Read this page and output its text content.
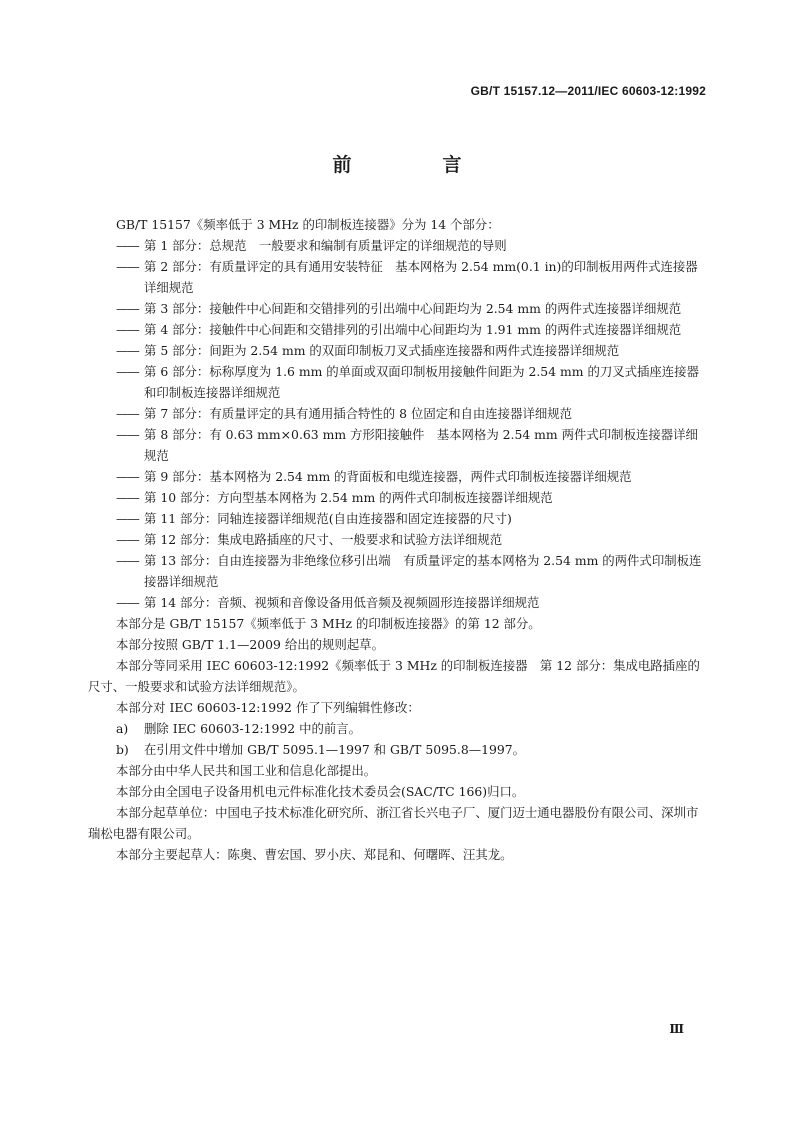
GB/T 15157.12—2011/IEC 60603-12:1992
前　言
GB/T 15157《频率低于 3 MHz 的印制板连接器》分为 14 个部分：
—— 第 1 部分：总规范　一般要求和编制有质量评定的详细规范的导则
—— 第 2 部分：有质量评定的具有通用安装特征　基本网格为 2.54 mm(0.1 in)的印制板用两件式连接器详细规范
—— 第 3 部分：接触件中心间距和交错排列的引出端中心间距均为 2.54 mm 的两件式连接器详细规范
—— 第 4 部分：接触件中心间距和交错排列的引出端中心间距均为 1.91 mm 的两件式连接器详细规范
—— 第 5 部分：间距为 2.54 mm 的双面印制板刀叉式插座连接器和两件式连接器详细规范
—— 第 6 部分：标称厚度为 1.6 mm 的单面或双面印制板用接触件间距为 2.54 mm 的刀叉式插座连接器和印制板连接器详细规范
—— 第 7 部分：有质量评定的具有通用插合特性的 8 位固定和自由连接器详细规范
—— 第 8 部分：有 0.63 mm×0.63 mm 方形阳接触件　基本网格为 2.54 mm 两件式印制板连接器详细规范
—— 第 9 部分：基本网格为 2.54 mm 的背面板和电缆连接器，两件式印制板连接器详细规范
—— 第 10 部分：方向型基本网格为 2.54 mm 的两件式印制板连接器详细规范
—— 第 11 部分：同轴连接器详细规范(自由连接器和固定连接器的尺寸)
—— 第 12 部分：集成电路插座的尺寸、一般要求和试验方法详细规范
—— 第 13 部分：自由连接器为非绝缘位移引出端　有质量评定的基本网格为 2.54 mm 的两件式印制板连接器详细规范
—— 第 14 部分：音频、视频和音像设备用低音频及视频圆形连接器详细规范
本部分是 GB/T 15157《频率低于 3 MHz 的印制板连接器》的第 12 部分。
本部分按照 GB/T 1.1—2009 给出的规则起草。
本部分等同采用 IEC 60603-12:1992《频率低于 3 MHz 的印制板连接器　第 12 部分：集成电路插座的尺寸、一般要求和试验方法详细规范》。
本部分对 IEC 60603-12:1992 作了下列编辑性修改：
a) 删除 IEC 60603-12:1992 中的前言。
b) 在引用文件中增加 GB/T 5095.1—1997 和 GB/T 5095.8—1997。
本部分由中华人民共和国工业和信息化部提出。
本部分由全国电子设备用机电元件标准化技术委员会(SAC/TC 166)归口。
本部分起草单位：中国电子技术标准化研究所、浙江省长兴电子厂、厦门迈士通电器股份有限公司、深圳市瑞松电器有限公司。
本部分主要起草人：陈奥、曹宏国、罗小庆、郑昆和、何曙晖、汪其龙。
Ⅲ
